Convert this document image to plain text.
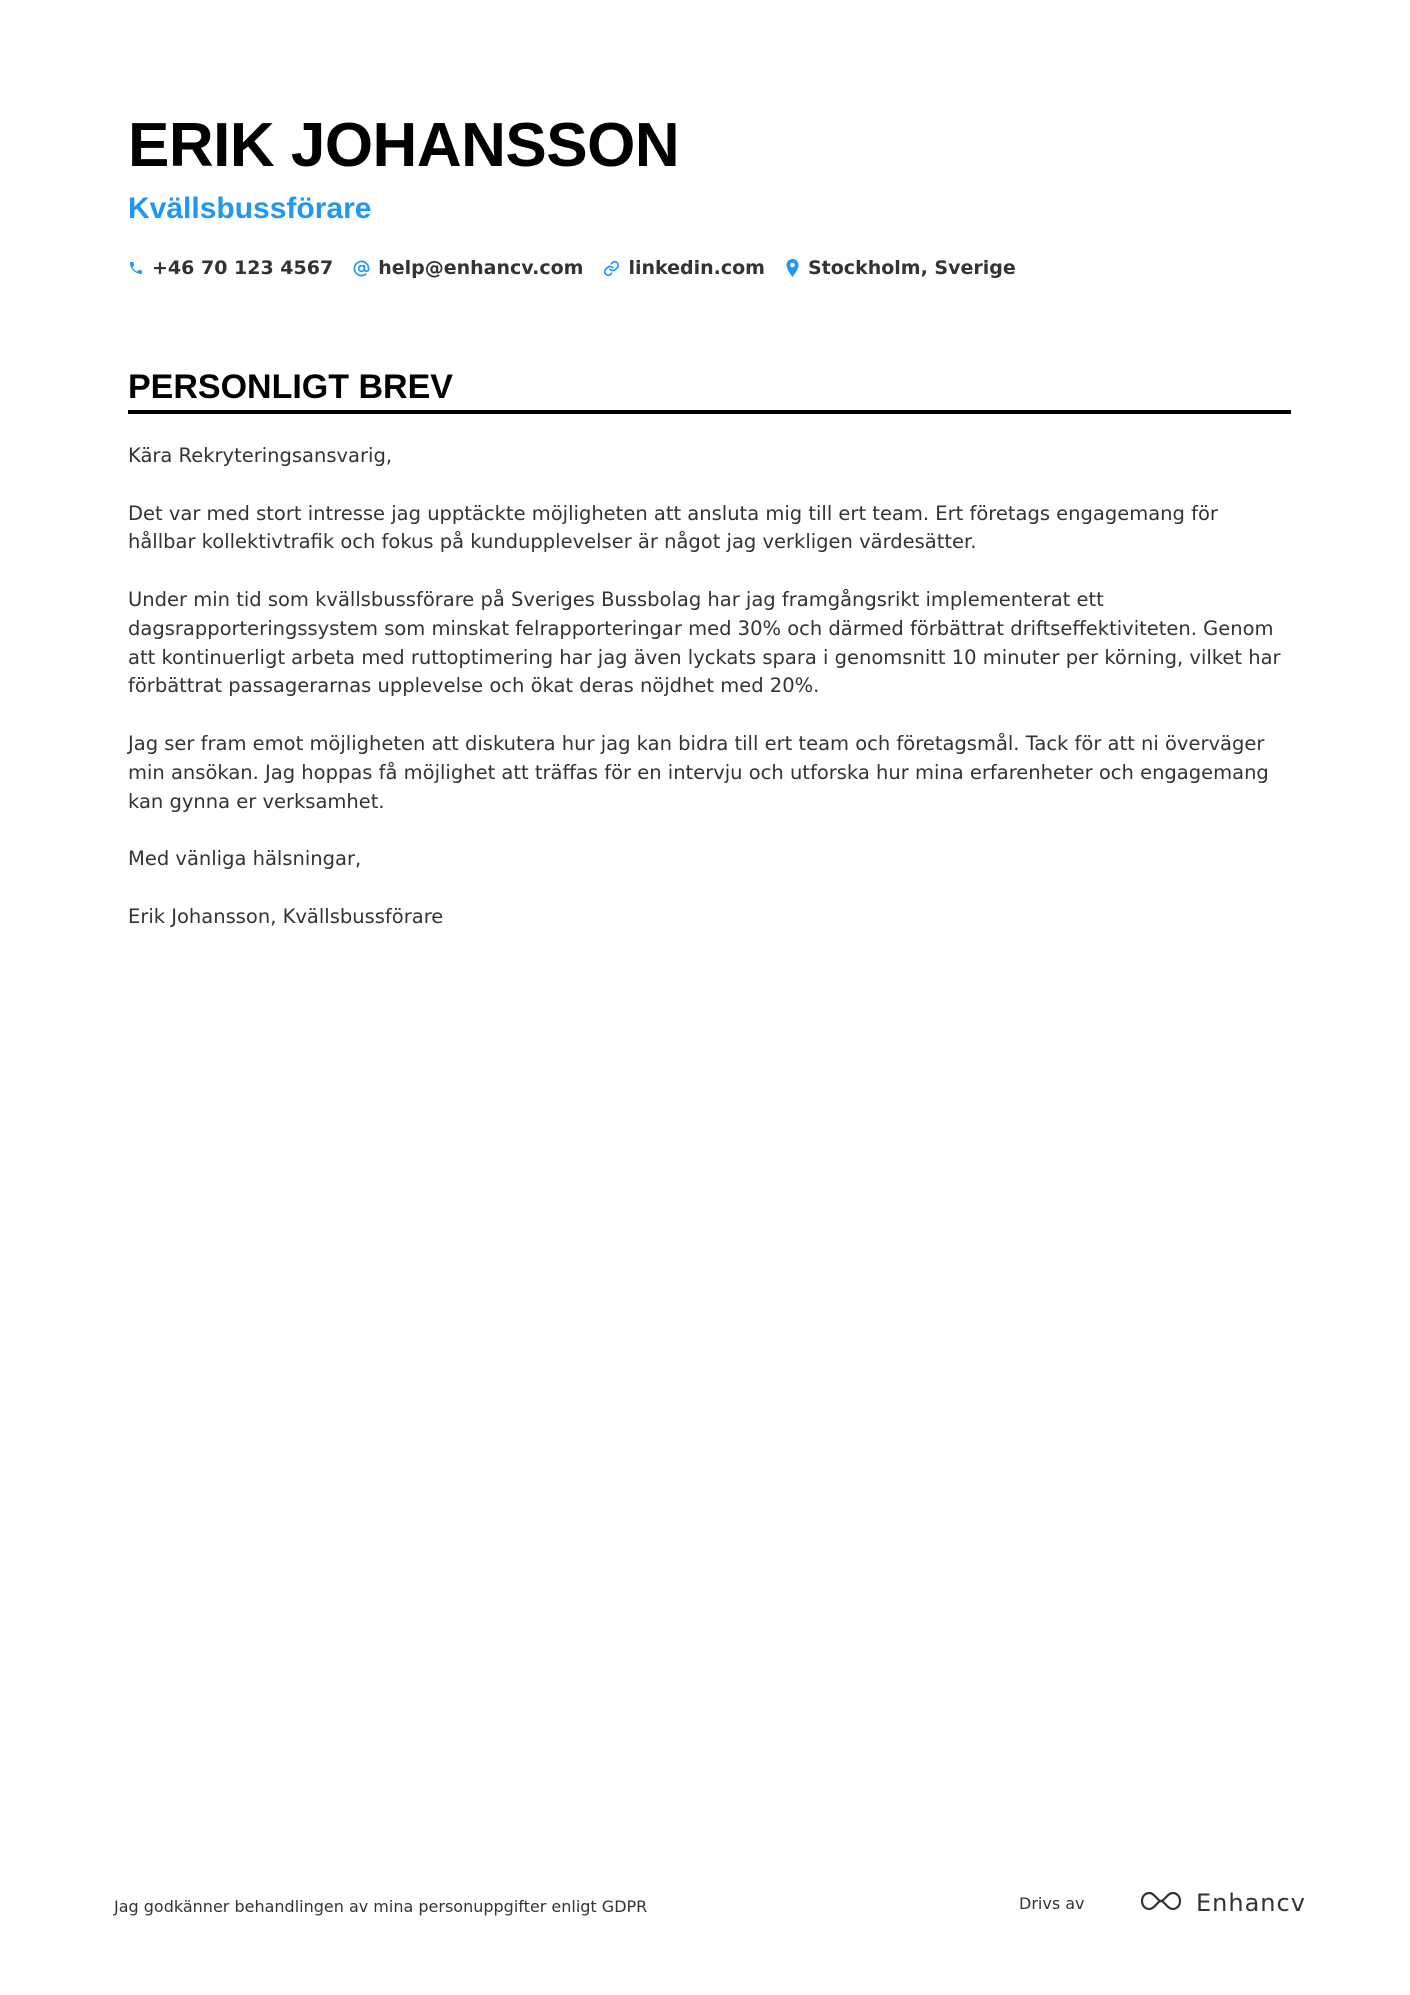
ERIK JOHANSSON
Kvällsbussförare
+46 70 123 4567 help@enhancv.com linkedin.com Stockholm, Sverige
PERSONLIGT BREV

Kära Rekryteringsansvarig,

Det var med stort intresse jag upptäckte möjligheten att ansluta mig till ert team. Ert företags engagemang för hållbar kollektivtrafik och fokus på kundupplevelser är något jag verkligen värdesätter.

Under min tid som kvällsbussförare på Sveriges Bussbolag har jag framgångsrikt implementerat ett dagsrapporteringssystem som minskat felrapporteringar med 30% och därmed förbättrat driftseffektiviteten. Genom att kontinuerligt arbeta med ruttoptimering har jag även lyckats spara i genomsnitt 10 minuter per körning, vilket har förbättrat passagerarnas upplevelse och ökat deras nöjdhet med 20%.

Jag ser fram emot möjligheten att diskutera hur jag kan bidra till ert team och företagsmål. Tack för att ni överväger min ansökan. Jag hoppas få möjlighet att träffas för en intervju och utforska hur mina erfarenheter och engagemang kan gynna er verksamhet.

Med vänliga hälsningar,

Erik Johansson, Kvällsbussförare

Jag godkänner behandlingen av mina personuppgifter enligt GDPR	Drivs av	Enhancv
